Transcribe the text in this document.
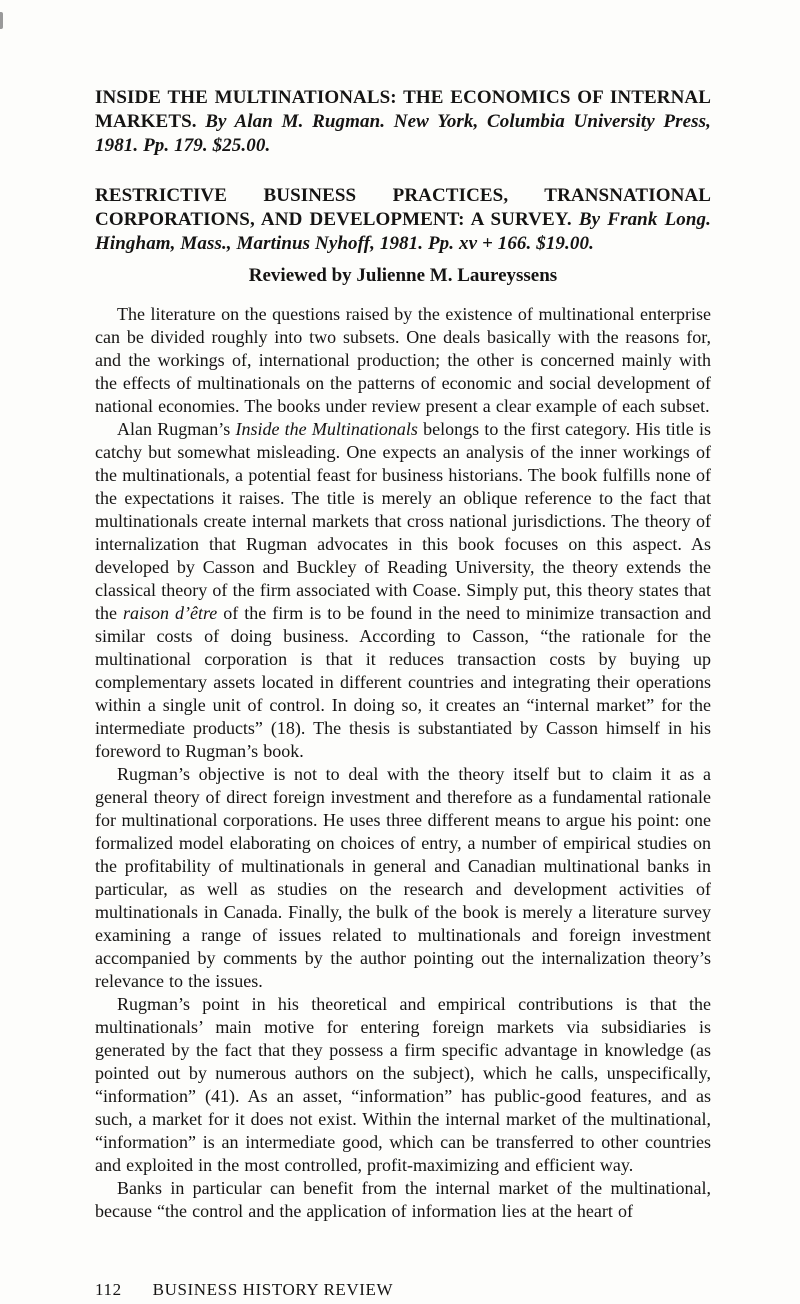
INSIDE THE MULTINATIONALS: THE ECONOMICS OF INTERNAL MARKETS. By Alan M. Rugman. New York, Columbia University Press, 1981. Pp. 179. $25.00.

RESTRICTIVE BUSINESS PRACTICES, TRANSNATIONAL CORPORATIONS, AND DEVELOPMENT: A SURVEY. By Frank Long. Hingham, Mass., Martinus Nyhoff, 1981. Pp. xv + 166. $19.00.

Reviewed by Julienne M. Laureyssens

The literature on the questions raised by the existence of multinational enterprise can be divided roughly into two subsets. One deals basically with the reasons for, and the workings of, international production; the other is concerned mainly with the effects of multinationals on the patterns of economic and social development of national economies. The books under review present a clear example of each subset.

Alan Rugman’s Inside the Multinationals belongs to the first category. His title is catchy but somewhat misleading. One expects an analysis of the inner workings of the multinationals, a potential feast for business historians. The book fulfills none of the expectations it raises. The title is merely an oblique reference to the fact that multinationals create internal markets that cross national jurisdictions. The theory of internalization that Rugman advocates in this book focuses on this aspect. As developed by Casson and Buckley of Reading University, the theory extends the classical theory of the firm associated with Coase. Simply put, this theory states that the raison d’être of the firm is to be found in the need to minimize transaction and similar costs of doing business. According to Casson, “the rationale for the multinational corporation is that it reduces transaction costs by buying up complementary assets located in different countries and integrating their operations within a single unit of control. In doing so, it creates an “internal market” for the intermediate products” (18). The thesis is substantiated by Casson himself in his foreword to Rugman’s book.

Rugman’s objective is not to deal with the theory itself but to claim it as a general theory of direct foreign investment and therefore as a fundamental rationale for multinational corporations. He uses three different means to argue his point: one formalized model elaborating on choices of entry, a number of empirical studies on the profitability of multinationals in general and Canadian multinational banks in particular, as well as studies on the research and development activities of multinationals in Canada. Finally, the bulk of the book is merely a literature survey examining a range of issues related to multinationals and foreign investment accompanied by comments by the author pointing out the internalization theory’s relevance to the issues.

Rugman’s point in his theoretical and empirical contributions is that the multinationals’ main motive for entering foreign markets via subsidiaries is generated by the fact that they possess a firm specific advantage in knowledge (as pointed out by numerous authors on the subject), which he calls, unspecifically, “information” (41). As an asset, “information” has public-good features, and as such, a market for it does not exist. Within the internal market of the multinational, “information” is an intermediate good, which can be transferred to other countries and exploited in the most controlled, profit-maximizing and efficient way.

Banks in particular can benefit from the internal market of the multinational, because “the control and the application of information lies at the heart of

112 BUSINESS HISTORY REVIEW
